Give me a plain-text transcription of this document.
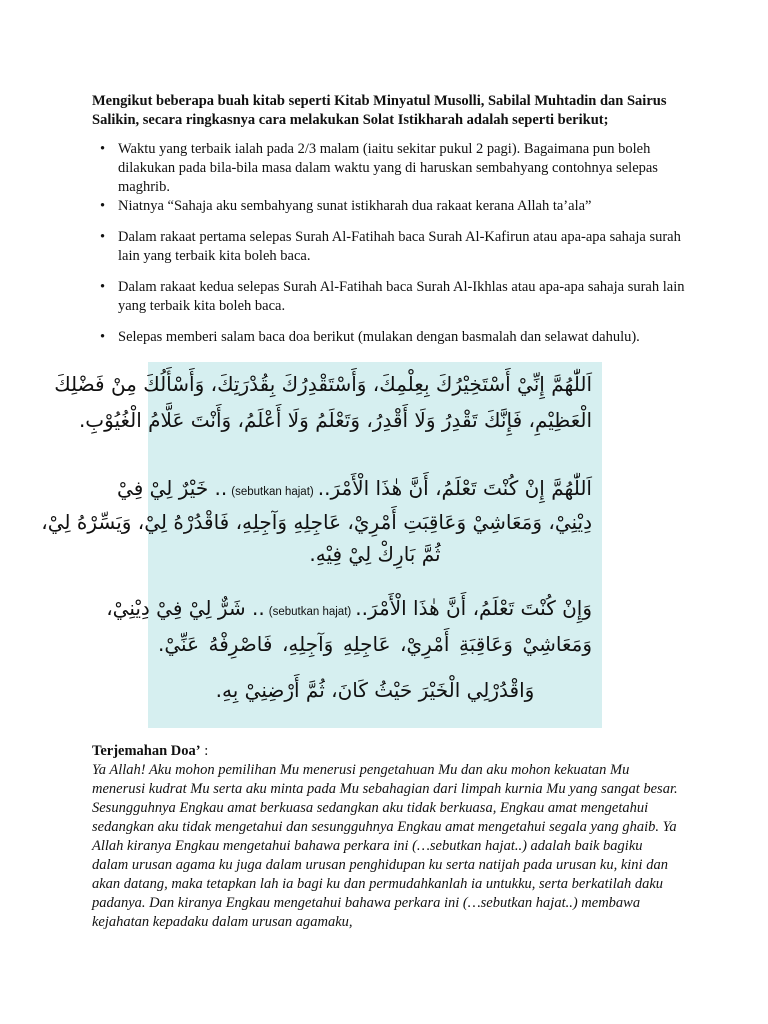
Mengikut beberapa buah kitab seperti Kitab Minyatul Musolli, Sabilal Muhtadin dan Sairus Salikin, secara ringkasnya cara melakukan Solat Istikharah adalah seperti berikut;

• Waktu yang terbaik ialah pada 2/3 malam (iaitu sekitar pukul 2 pagi). Bagaimana pun boleh dilakukan pada bila-bila masa dalam waktu yang di haruskan sembahyang contohnya selepas maghrib.
• Niatnya “Sahaja aku sembahyang sunat istikharah dua rakaat kerana Allah ta’ala”
• Dalam rakaat pertama selepas Surah Al-Fatihah baca Surah Al-Kafirun atau apa-apa sahaja surah lain yang terbaik kita boleh baca.
• Dalam rakaat kedua selepas Surah Al-Fatihah baca Surah Al-Ikhlas atau apa-apa sahaja surah lain yang terbaik kita boleh baca.
• Selepas memberi salam baca doa berikut (mulakan dengan basmalah dan selawat dahulu).
اَللّٰهُمَّ إِنِّيْ أَسْتَخِيْرُكَ بِعِلْمِكَ، وَأَسْتَقْدِرُكَ بِقُدْرَتِكَ، وَأَسْأَلُكَ مِنْ فَضْلِكَ
الْعَظِيْمِ، فَإِنَّكَ تَقْدِرُ وَلَا أَقْدِرُ، وَتَعْلَمُ وَلَا أَعْلَمُ، وَأَنْتَ عَلَّامُ الْغُيُوْبِ.
اَللّٰهُمَّ إِنْ كُنْتَ تَعْلَمُ، أَنَّ هٰذَا الْأَمْرَ..(sebutkan hajat).. خَيْرٌ لِيْ فِيْ
دِيْنِيْ، وَمَعَاشِيْ وَعَاقِبَتِ أَمْرِيْ، عَاجِلِهِ وَآجِلِهِ، فَاقْدُرْهُ لِيْ، وَيَسِّرْهُ لِيْ،
ثُمَّ بَارِكْ لِيْ فِيْهِ.
وَإِنْ كُنْتَ تَعْلَمُ، أَنَّ هٰذَا الْأَمْرَ..(sebutkan hajat).. شَرٌّ لِيْ فِيْ دِيْنِيْ،
وَمَعَاشِيْ وَعَاقِبَةِ أَمْرِيْ، عَاجِلِهِ وَآجِلِهِ، فَاصْرِفْهُ عَنِّيْ.
وَاقْدُرْلِي الْخَيْرَ حَيْثُ كَانَ، ثُمَّ أَرْضِنِيْ بِهِ.

Terjemahan Doa’ :

Ya Allah! Aku mohon pemilihan Mu menerusi pengetahuan Mu dan aku mohon kekuatan Mu menerusi kudrat Mu serta aku minta pada Mu sebahagian dari limpah kurnia Mu yang sangat besar. Sesungguhnya Engkau amat berkuasa sedangkan aku tidak berkuasa, Engkau amat mengetahui sedangkan aku tidak mengetahui dan sesungguhnya Engkau amat mengetahui segala yang ghaib. Ya Allah kiranya Engkau mengetahui bahawa perkara ini (…sebutkan hajat..) adalah baik bagiku dalam urusan agama ku juga dalam urusan penghidupan ku serta natijah pada urusan ku, kini dan akan datang, maka tetapkan lah ia bagi ku dan permudahkanlah ia untukku, serta berkatilah daku padanya. Dan kiranya Engkau mengetahui bahawa perkara ini (…sebutkan hajat..) membawa kejahatan kepadaku dalam urusan agamaku,
